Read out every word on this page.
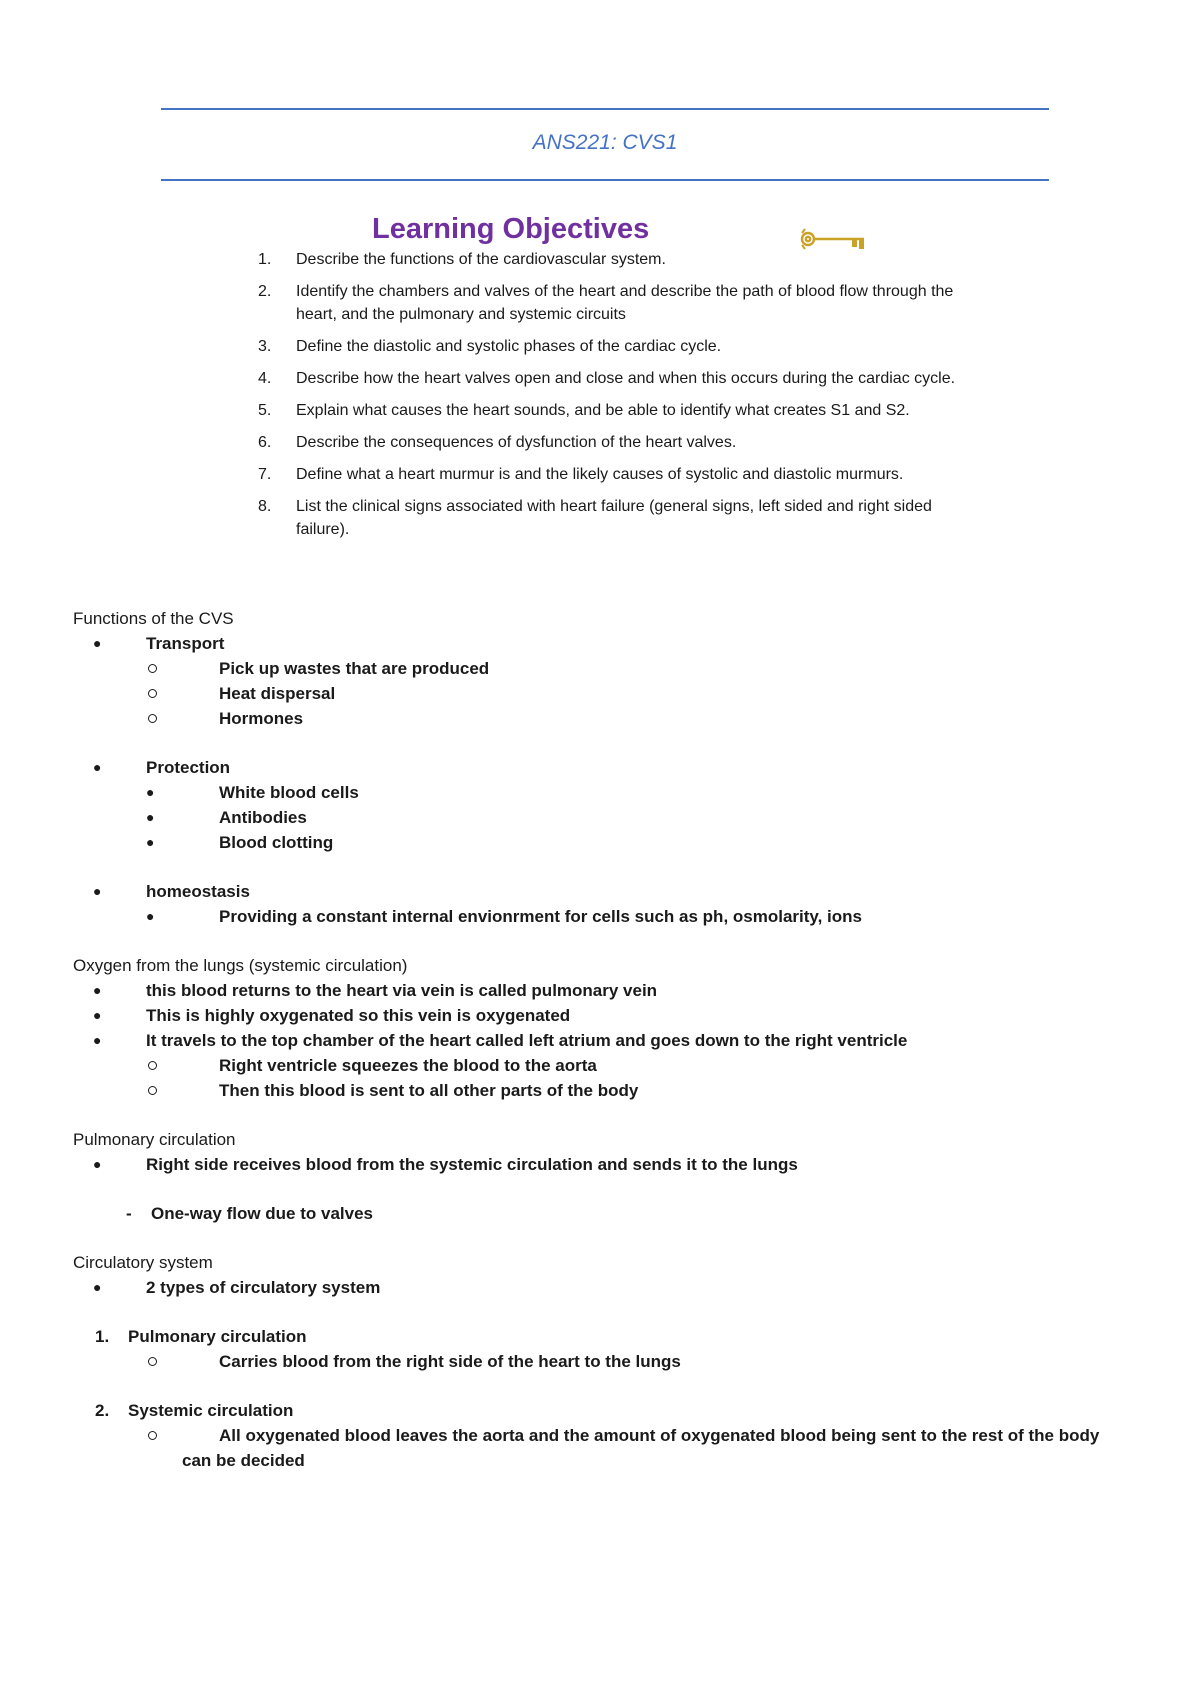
ANS221: CVS1
Learning Objectives
1. Describe the functions of the cardiovascular system.
2. Identify the chambers and valves of the heart and describe the path of blood flow through the heart, and the pulmonary and systemic circuits
3. Define the diastolic and systolic phases of the cardiac cycle.
4. Describe how the heart valves open and close and when this occurs during the cardiac cycle.
5. Explain what causes the heart sounds, and be able to identify what creates S1 and S2.
6. Describe the consequences of dysfunction of the heart valves.
7. Define what a heart murmur is and the likely causes of systolic and diastolic murmurs.
8. List the clinical signs associated with heart failure (general signs, left sided and right sided failure).

Functions of the CVS

●	Transport
Pick up wastes that are produced
Heat dispersal
Hormones
●	Protection
●	White blood cells
●	Antibodies
●	Blood clotting
●	homeostasis
●	Providing a constant internal envionrment for cells such as ph, osmolarity, ions

Oxygen from the lungs (systemic circulation)

●	this blood returns to the heart via vein is called pulmonary vein
●	This is highly oxygenated so this vein is oxygenated
●	It travels to the top chamber of the heart called left atrium and goes down to the right ventricle
Right ventricle squeezes the blood to the aorta
Then this blood is sent to all other parts of the body

Pulmonary circulation

●	Right side receives blood from the systemic circulation and sends it to the lungs
- One-way flow due to valves

Circulatory system

●	2 types of circulatory system
1. Pulmonary circulation
Carries blood from the right side of the heart to the lungs
2. Systemic circulation
All oxygenated blood leaves the aorta and the amount of oxygenated blood being sent to the rest of the body
can be decided
